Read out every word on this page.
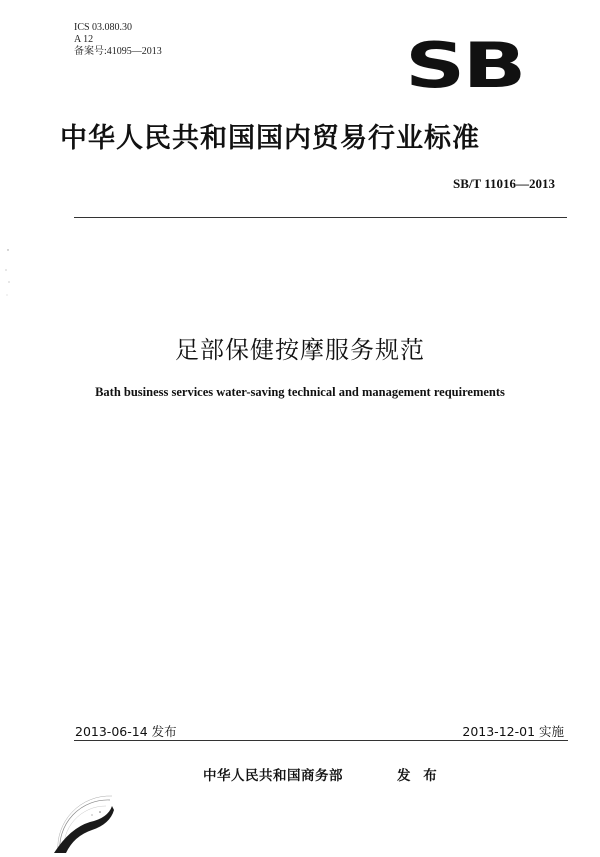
ICS 03.080.30
A 12
备案号:41095—2013	SB
中华人民共和国国内贸易行业标准
SB/T 11016—2013
足部保健按摩服务规范
Bath business services water-saving technical and management requirements
2013-06-14 发布	2013-12-01 实施
中华人民共和国商务部	发 布
